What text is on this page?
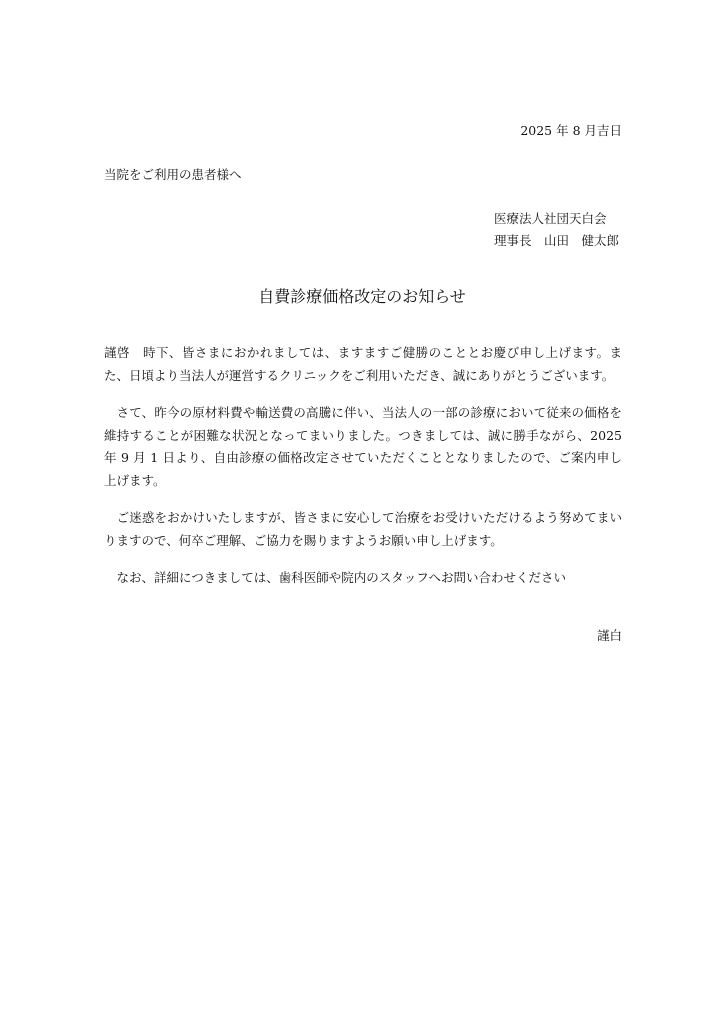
2025 年 8 月吉日
当院をご利用の患者様へ
医療法人社団天白会
理事長　山田　健太郎
自費診療価格改定のお知らせ

謹啓　時下、皆さまにおかれましては、ますますご健勝のこととお慶び申し上げます。また、日頃より当法人が運営するクリニックをご利用いただき、誠にありがとうございます。

　さて、昨今の原材料費や輸送費の高騰に伴い、当法人の一部の診療において従来の価格を維持することが困難な状況となってまいりました。つきましては、誠に勝手ながら、2025 年 9 月 1 日より、自由診療の価格改定させていただくこととなりましたので、ご案内申し上げます。

　ご迷惑をおかけいたしますが、皆さまに安心して治療をお受けいただけるよう努めてまいりますので、何卒ご理解、ご協力を賜りますようお願い申し上げます。

　なお、詳細につきましては、歯科医師や院内のスタッフへお問い合わせください

謹白
